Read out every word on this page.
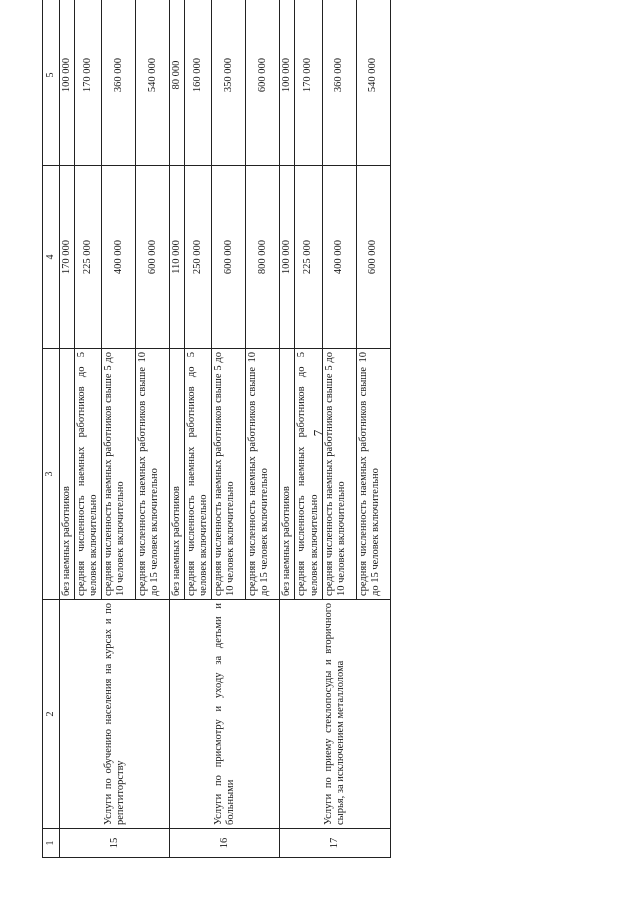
7
1	2	3	4	5
15	Услуги по обучению населения на курсах и по репетиторству	без наемных работников	170 000	100 000
		средняя численность наемных работников до 5 человек включительно	225 000	170 000
		средняя численность наемных работников свыше 5 до 10 человек включительно	400 000	360 000
		средняя численность наемных работников свыше 10 до 15 человек включительно	600 000	540 000
16	Услуги по присмотру и уходу за детьми и больными	без наемных работников	110 000	80 000
		средняя численность наемных работников до 5 человек включительно	250 000	160 000
		средняя численность наемных работников свыше 5 до 10 человек включительно	600 000	350 000
		средняя численность наемных работников свыше 10 до 15 человек включительно	800 000	600 000
17	Услуги по приему стеклопосуды и вторичного сырья, за исключением металлолома	без наемных работников	100 000	100 000
		средняя численность наемных работников до 5 человек включительно	225 000	170 000
		средняя численность наемных работников свыше 5 до 10 человек включительно	400 000	360 000
		средняя численность наемных работников свыше 10 до 15 человек включительно	600 000	540 000
